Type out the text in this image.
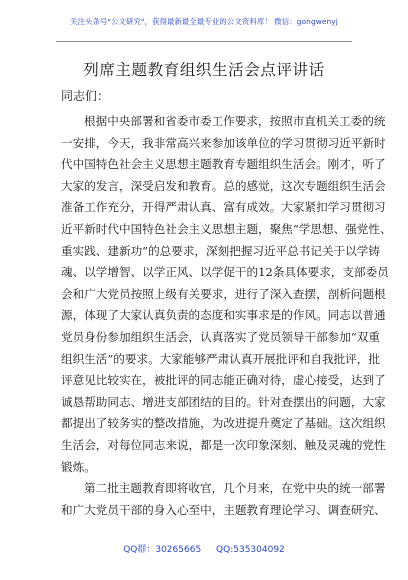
关注头条号"公文研究"，获得最新最全最专业的公文资料库！ 微信：gongwenyj
列席主题教育组织生活会点评讲话
同志们：
根据中央部署和省委市委工作要求，按照市直机关工委的统
一安排，今天，我非常高兴来参加该单位的学习贯彻习近平新时
代中国特色社会主义思想主题教育专题组织生活会。刚才，听了
大家的发言，深受启发和教育。总的感觉，这次专题组织生活会
准备工作充分，开得严肃认真、富有成效。大家紧扣学习贯彻习
近平新时代中国特色社会主义思想主题，聚焦“学思想、强党性、
重实践、建新功”的总要求，深刻把握习近平总书记关于以学铸
魂、以学增智、以学正风、以学促干的12条具体要求，支部委员
会和广大党员按照上级有关要求，进行了深入查摆，剖析问题根
源，体现了大家认真负责的态度和实事求是的作风。同志以普通
党员身份参加组织生活会，认真落实了党员领导干部参加“双重
组织生活”的要求。大家能够严肃认真开展批评和自我批评，批
评意见比较实在，被批评的同志能正确对待，虚心接受，达到了
诚恳帮助同志、增进支部团结的目的。针对查摆出的问题，大家
都提出了较务实的整改措施，为改进提升奠定了基础。这次组织
生活会，对每位同志来说，都是一次印象深刻、触及灵魂的党性
锻炼。
第二批主题教育即将收官，几个月来，在党中央的统一部署
和广大党员干部的身入心至中，主题教育理论学习、调查研究、
QQ群：30265665 QQ:535304092
